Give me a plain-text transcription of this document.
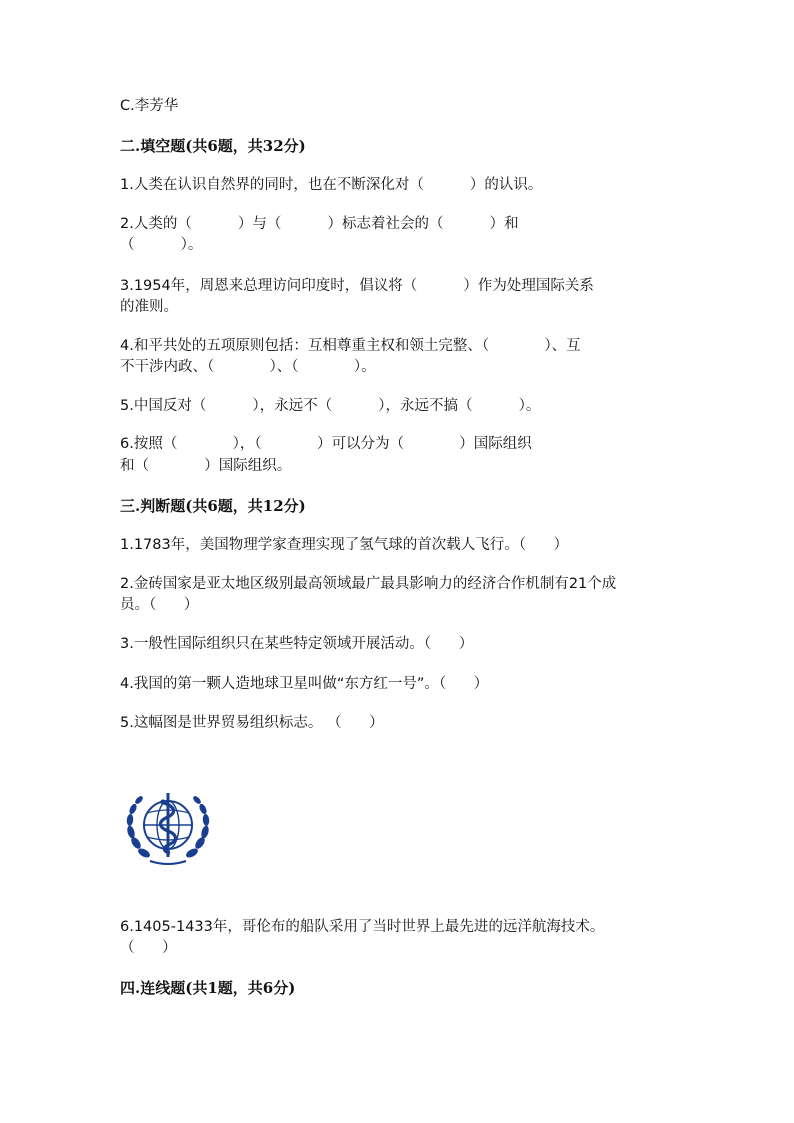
C.李芳华
二.填空题(共6题，共32分)
1.人类在认识自然界的同时，也在不断深化对（          ）的认识。
2.人类的（          ）与（          ）标志着社会的（          ）和
（          ）。
3.1954年，周恩来总理访问印度时，倡议将（          ）作为处理国际关系
的准则。
4.和平共处的五项原则包括：互相尊重主权和领土完整、（            ）、互
不干涉内政、（            ）、（            ）。
5.中国反对（          ），永远不（          ），永远不搞（          ）。
6.按照（            ），（            ）可以分为（            ）国际组织
和（            ）国际组织。
三.判断题(共6题，共12分)
1.1783年，美国物理学家查理实现了氢气球的首次载人飞行。（      ）
2.金砖国家是亚太地区级别最高领域最广最具影响力的经济合作机制有21个成
员。（      ）
3.一般性国际组织只在某些特定领域开展活动。（      ）
4.我国的第一颗人造地球卫星叫做“东方红一号”。（      ）
5.这幅图是世界贸易组织标志。 （      ）
6.1405-1433年，哥伦布的船队采用了当时世界上最先进的远洋航海技术。
（      ）
四.连线题(共1题，共6分)
